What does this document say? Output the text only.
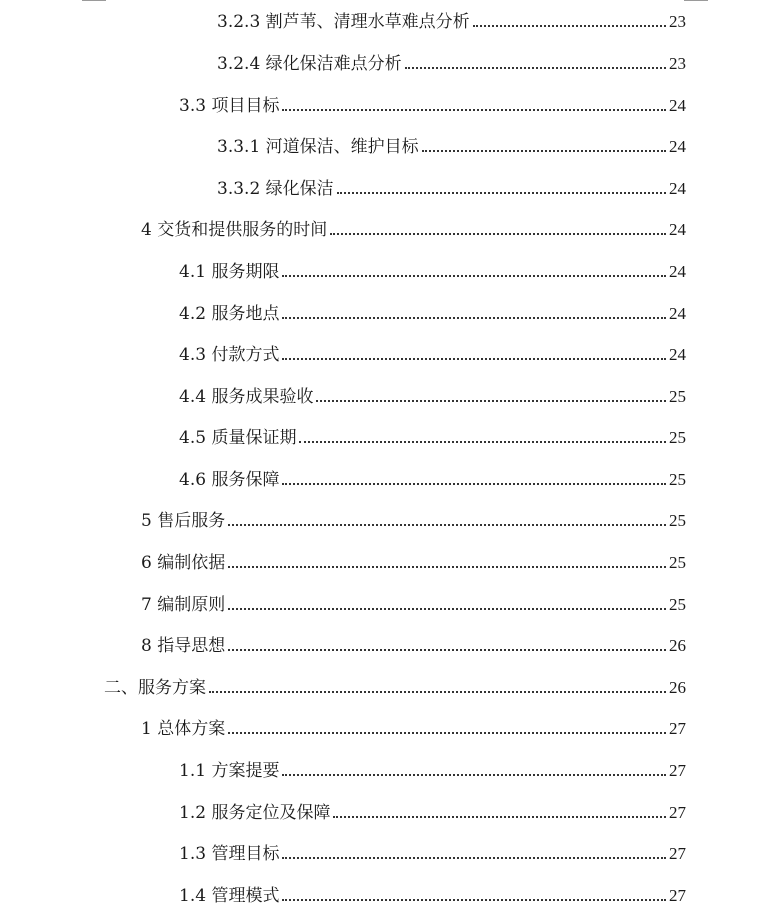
3.2.3 割芦苇、清理水草难点分析	23
3.2.4 绿化保洁难点分析	23
3.3 项目目标	24
3.3.1 河道保洁、维护目标	24
3.3.2 绿化保洁	24
4 交货和提供服务的时间	24
4.1 服务期限	24
4.2 服务地点	24
4.3 付款方式	24
4.4 服务成果验收	25
4.5 质量保证期	25
4.6 服务保障	25
5 售后服务	25
6 编制依据	25
7 编制原则	25
8 指导思想	26
二、服务方案	26
1 总体方案	27
1.1 方案提要	27
1.2 服务定位及保障	27
1.3 管理目标	27
1.4 管理模式	27
